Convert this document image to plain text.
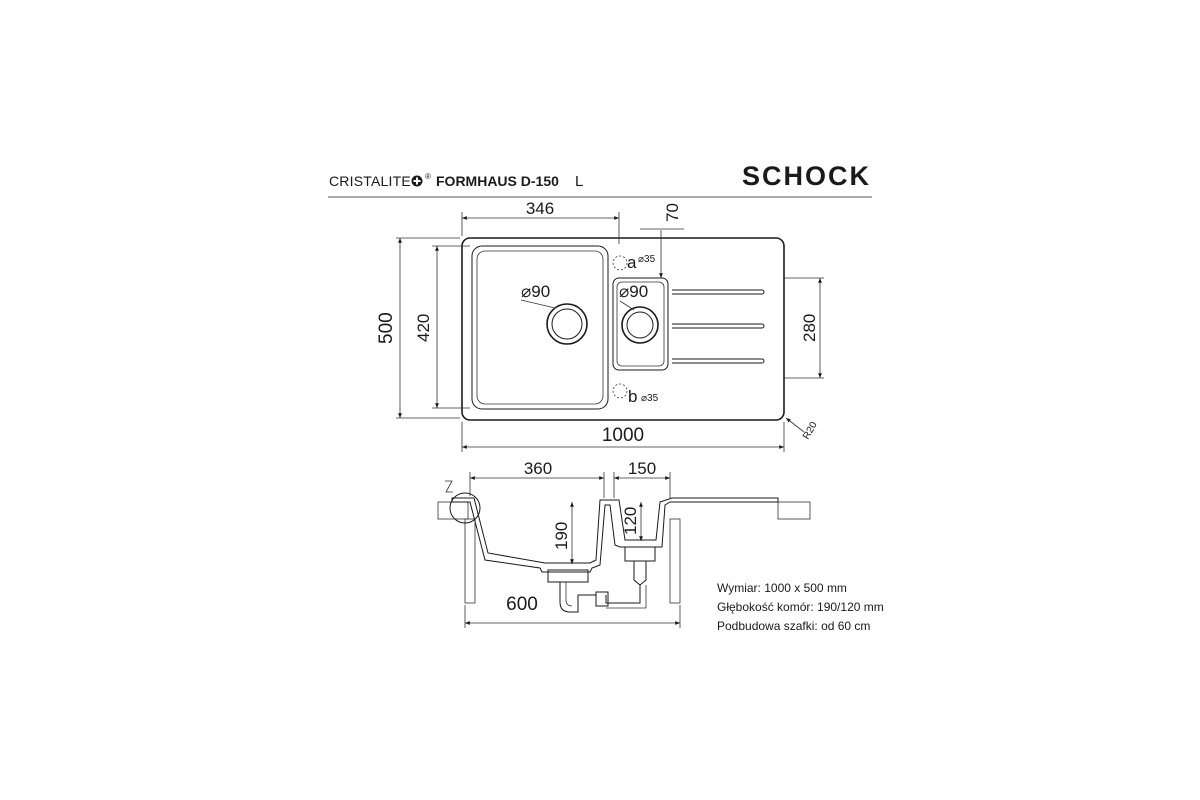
CRISTALITE ® FORMHAUS D-150 L	SCHOCK
⌀90	⌀90
a ⌀35
b ⌀35
346	70
500 420	280
1000	R20
360	150
190
120
600
Wymiar: 1000 x 500 mm
Głębokość komór: 190/120 mm
Podbudowa szafki: od 60 cm
